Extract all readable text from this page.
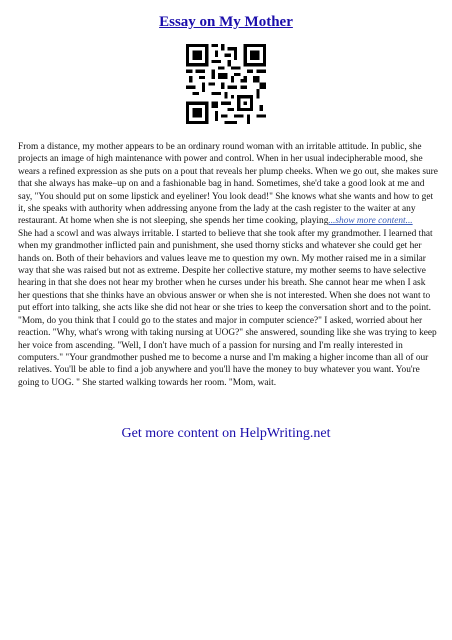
Essay on My Mother

From a distance, my mother appears to be an ordinary round woman with an irritable attitude. In public, she projects an image of high maintenance with power and control. When in her usual indecipherable mood, she wears a refined expression as she puts on a pout that reveals her plump cheeks. When we go out, she makes sure that she always has make–up on and a fashionable bag in hand. Sometimes, she'd take a good look at me and say, "You should put on some lipstick and eyeliner! You look dead!" She knows what she wants and how to get it, she speaks with authority when addressing anyone from the lady at the cash register to the waiter at any restaurant. At home when she is not sleeping, she spends her time cooking, playing...show more content...

She had a scowl and was always irritable. I started to believe that she took after my grandmother. I learned that when my grandmother inflicted pain and punishment, she used thorny sticks and whatever she could get her hands on. Both of their behaviors and values leave me to question my own. My mother raised me in a similar way that she was raised but not as extreme. Despite her collective stature, my mother seems to have selective hearing in that she does not hear my brother when he curses under his breath. She cannot hear me when I ask her questions that she thinks have an obvious answer or when she is not interested. When she does not want to put effort into talking, she acts like she did not hear or she tries to keep the conversation short and to the point. "Mom, do you think that I could go to the states and major in computer science?" I asked, worried about her reaction. "Why, what's wrong with taking nursing at UOG?" she answered, sounding like she was trying to keep her voice from ascending. "Well, I don't have much of a passion for nursing and I'm really interested in computers." "Your grandmother pushed me to become a nurse and I'm making a higher income than all of our relatives. You'll be able to find a job anywhere and you'll have the money to buy whatever you want. You're going to UOG. " She started walking towards her room. "Mom, wait.

Get more content on HelpWriting.net
